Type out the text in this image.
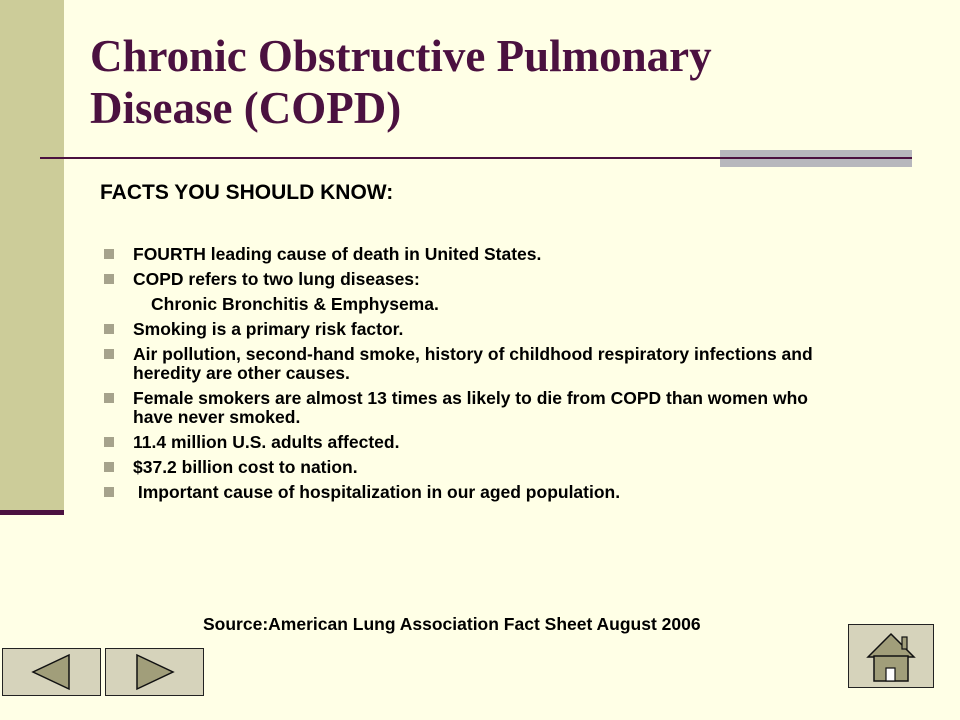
Chronic Obstructive Pulmonary
Disease (COPD)
FACTS YOU SHOULD KNOW:
FOURTH leading cause of death in United States.
COPD refers to two lung diseases:
Chronic Bronchitis & Emphysema.
Smoking is a primary risk factor.
Air pollution, second-hand smoke, history of childhood respiratory infections and heredity are other causes.
Female smokers are almost 13 times as likely to die from COPD than women who have never smoked.
11.4 million U.S. adults affected.
$37.2 billion cost to nation.
Important cause of hospitalization in our aged population.
Source:American Lung Association Fact Sheet August 2006
